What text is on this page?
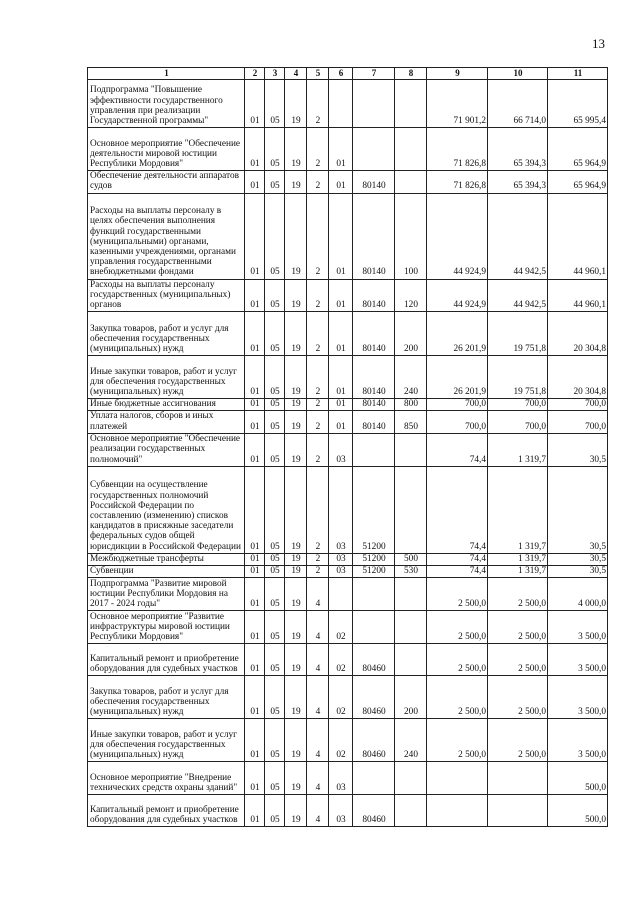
13
1	2	3	4	5	6	7	8	9	10	11
Подпрограмма "Повышение эффективности государственного управления при реализации Государственной программы"	01	05	19	2				71 901,2	66 714,0	65 995,4
Основное мероприятие "Обеспечение деятельности мировой юстиции Республики Мордовия"	01	05	19	2	01			71 826,8	65 394,3	65 964,9
Обеспечение деятельности аппаратов судов	01	05	19	2	01	80140		71 826,8	65 394,3	65 964,9
Расходы на выплаты персоналу в целях обеспечения выполнения функций государственными (муниципальными) органами, казенными учреждениями, органами управления государственными внебюджетными фондами	01	05	19	2	01	80140	100	44 924,9	44 942,5	44 960,1
Расходы на выплаты персоналу государственных (муниципальных) органов	01	05	19	2	01	80140	120	44 924,9	44 942,5	44 960,1
Закупка товаров, работ и услуг для обеспечения государственных (муниципальных) нужд	01	05	19	2	01	80140	200	26 201,9	19 751,8	20 304,8
Иные закупки товаров, работ и услуг для обеспечения государственных (муниципальных) нужд	01	05	19	2	01	80140	240	26 201,9	19 751,8	20 304,8
Иные бюджетные ассигнования	01	05	19	2	01	80140	800	700,0	700,0	700,0
Уплата налогов, сборов и иных платежей	01	05	19	2	01	80140	850	700,0	700,0	700,0
Основное мероприятие "Обеспечение реализации государственных полномочий"	01	05	19	2	03			74,4	1 319,7	30,5
Субвенции на осуществление государственных полномочий Российской Федерации по составлению (изменению) списков кандидатов в присяжные заседатели федеральных судов общей юрисдикции в Российской Федерации	01	05	19	2	03	51200		74,4	1 319,7	30,5
Межбюджетные трансферты	01	05	19	2	03	51200	500	74,4	1 319,7	30,5
Субвенции	01	05	19	2	03	51200	530	74,4	1 319,7	30,5
Подпрограмма "Развитие мировой юстиции Республики Мордовия на 2017 - 2024 годы"	01	05	19	4				2 500,0	2 500,0	4 000,0
Основное мероприятие "Развитие инфраструктуры мировой юстиции Республики Мордовия"	01	05	19	4	02			2 500,0	2 500,0	3 500,0
Капитальный ремонт и приобретение оборудования для судебных участков	01	05	19	4	02	80460		2 500,0	2 500,0	3 500,0
Закупка товаров, работ и услуг для обеспечения государственных (муниципальных) нужд	01	05	19	4	02	80460	200	2 500,0	2 500,0	3 500,0
Иные закупки товаров, работ и услуг для обеспечения государственных (муниципальных) нужд	01	05	19	4	02	80460	240	2 500,0	2 500,0	3 500,0
Основное мероприятие "Внедрение технических средств охраны зданий"	01	05	19	4	03					500,0
Капитальный ремонт и приобретение оборудования для судебных участков	01	05	19	4	03	80460				500,0
